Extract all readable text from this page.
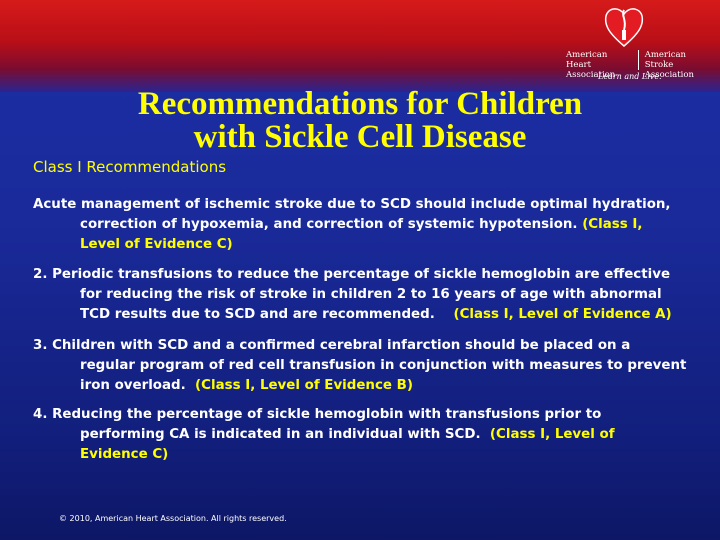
American Heart Association American Stroke Association
Learn and Live.
Recommendations for Children
with Sickle Cell Disease
Class I Recommendations
Acute management of ischemic stroke due to SCD should include optimal hydration,
correction of hypoxemia, and correction of systemic hypotension. (Class I,
Level of Evidence C)
2. Periodic transfusions to reduce the percentage of sickle hemoglobin are effective
for reducing the risk of stroke in children 2 to 16 years of age with abnormal
TCD results due to SCD and are recommended.    (Class I, Level of Evidence A)
3. Children with SCD and a confirmed cerebral infarction should be placed on a
regular program of red cell transfusion in conjunction with measures to prevent
iron overload.  (Class I, Level of Evidence B)
4. Reducing the percentage of sickle hemoglobin with transfusions prior to
performing CA is indicated in an individual with SCD.  (Class I, Level of
Evidence C)
© 2010, American Heart Association. All rights reserved.
